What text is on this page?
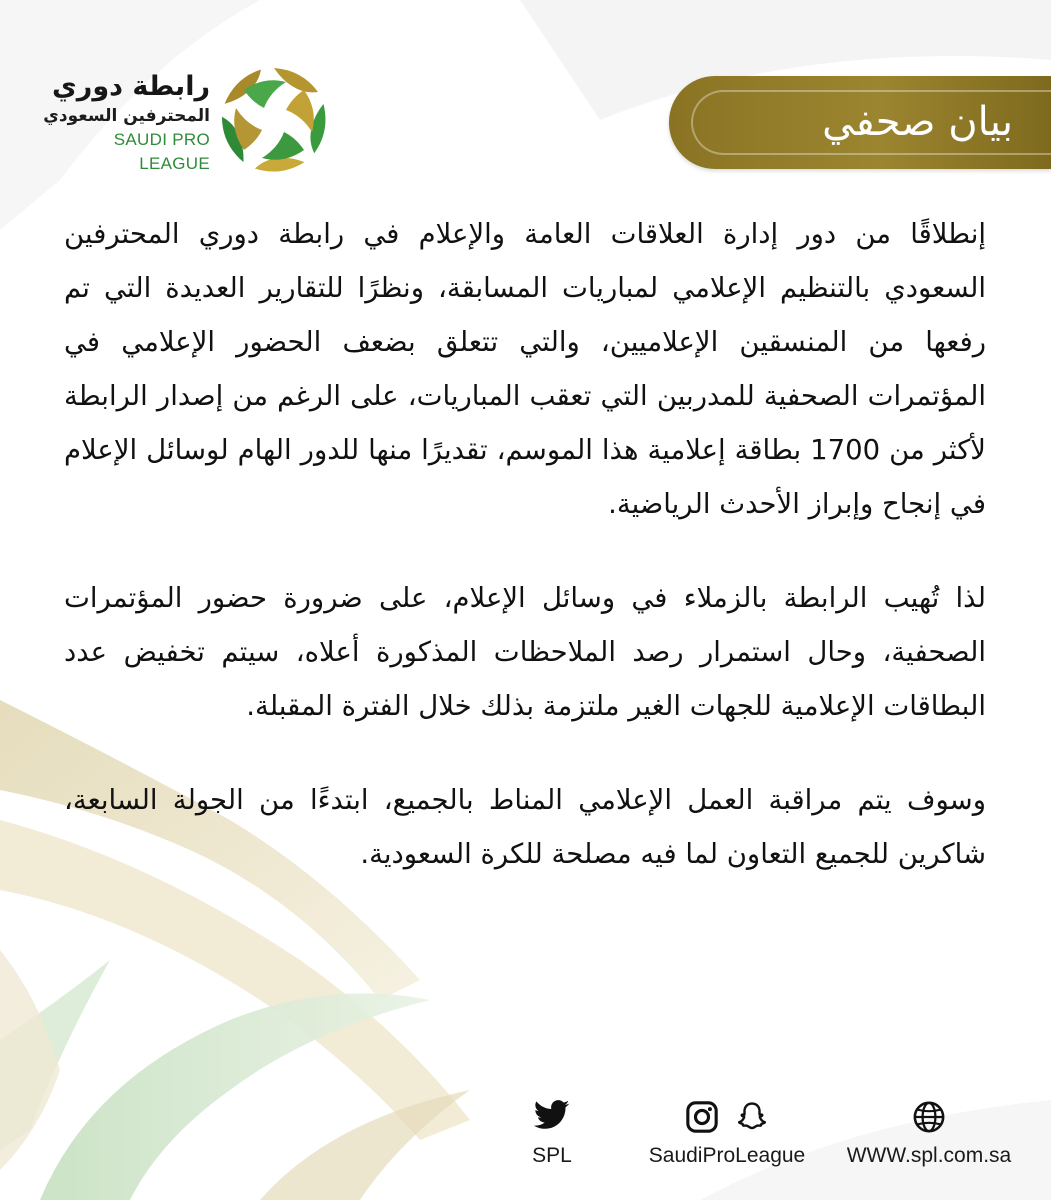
رابطة دوري
المحترفين السعودي
SAUDI PRO LEAGUE
بيان صحفي

إنطلاقًا من دور إدارة العلاقات العامة والإعلام في رابطة دوري المحترفين السعودي بالتنظيم الإعلامي لمباريات المسابقة، ونظرًا للتقارير العديدة التي تم رفعها من المنسقين الإعلاميين، والتي تتعلق بضعف الحضور الإعلامي في المؤتمرات الصحفية للمدربين التي تعقب المباريات، على الرغم من إصدار الرابطة لأكثر من 1700 بطاقة إعلامية هذا الموسم، تقديرًا منها للدور الهام لوسائل الإعلام في إنجاح وإبراز الأحدث الرياضية.

لذا تُهيب الرابطة بالزملاء في وسائل الإعلام، على ضرورة حضور المؤتمرات الصحفية، وحال استمرار رصد الملاحظات المذكورة أعلاه، سيتم تخفيض عدد البطاقات الإعلامية للجهات الغير ملتزمة بذلك خلال الفترة المقبلة.

وسوف يتم مراقبة العمل الإعلامي المناط بالجميع، ابتدءًا من الجولة السابعة، شاكرين للجميع التعاون لما فيه مصلحة للكرة السعودية.

SPL	SaudiProLeague	WWW.spl.com.sa
